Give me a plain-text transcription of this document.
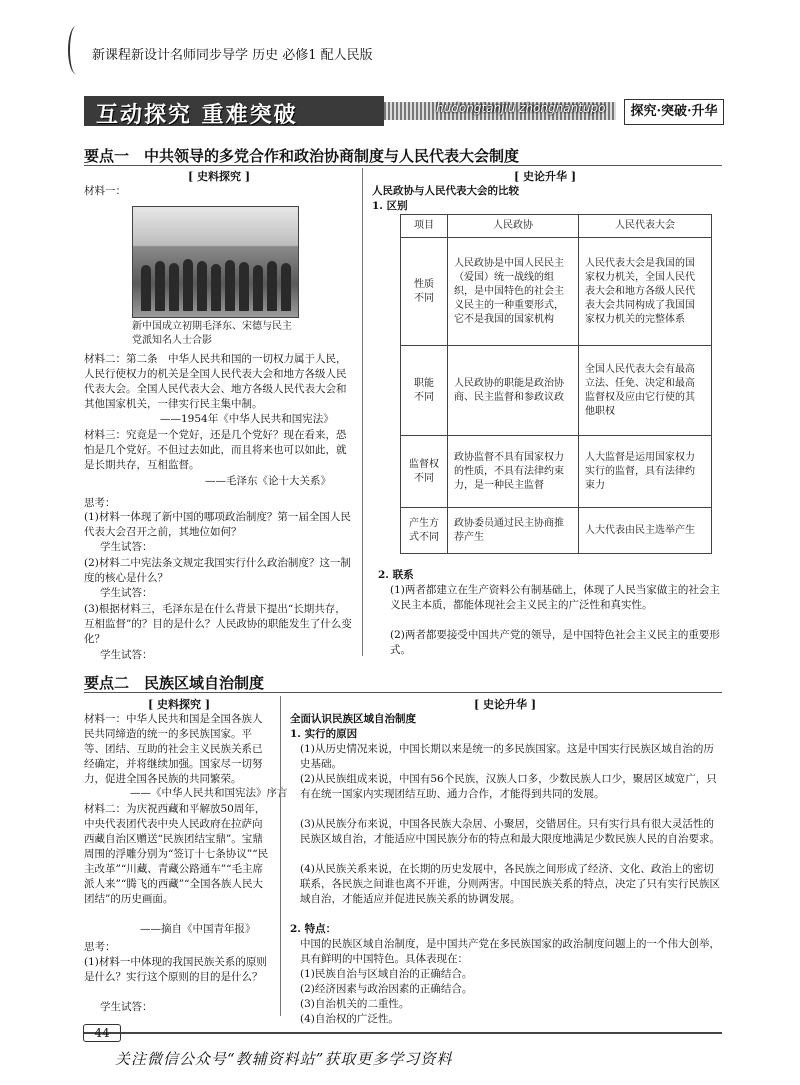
新课程新设计名师同步导学 历史 必修1 配人民版
互动探究 重难突破	hudongtanjiu zhongnantupo	探究·突破·升华
要点一　中共领导的多党合作和政治协商制度与人民代表大会制度
[ 史料探究 ]
材料一：
新中国成立初期毛泽东、宋德与民主党派知名人士合影
材料二：第二条　中华人民共和国的一切权力属于人民，人民行使权力的机关是全国人民代表大会和地方各级人民代表大会。全国人民代表大会、地方各级人民代表大会和其他国家机关，一律实行民主集中制。
——1954年《中华人民共和国宪法》
材料三：究竟是一个党好，还是几个党好？现在看来，恐怕是几个党好。不但过去如此，而且将来也可以如此，就是长期共存，互相监督。
——毛泽东《论十大关系》
思考：
(1)材料一体现了新中国的哪项政治制度？第一届全国人民代表大会召开之前，其地位如何？
学生试答：
(2)材料二中宪法条文规定我国实行什么政治制度？这一制度的核心是什么？
学生试答：
(3)根据材料三，毛泽东是在什么背景下提出“长期共存，互相监督”的？目的是什么？人民政协的职能发生了什么变化？
学生试答：
[ 史论升华 ]
人民政协与人民代表大会的比较
1. 区别
项目	人民政协	人民代表大会
性质
不同	人民政协是中国人民民主（爱国）统一战线的组织，是中国特色的社会主义民主的一种重要形式，它不是我国的国家机构	人民代表大会是我国的国家权力机关，全国人民代表大会和地方各级人民代表大会共同构成了我国国家权力机关的完整体系
职能
不同	人民政协的职能是政治协商、民主监督和参政议政	全国人民代表大会有最高立法、任免、决定和最高监督权及应由它行使的其他职权
监督权
不同	政协监督不具有国家权力的性质，不具有法律约束力，是一种民主监督	人大监督是运用国家权力实行的监督，具有法律约束力
产生方
式不同	政协委员通过民主协商推荐产生	人大代表由民主选举产生
2. 联系
(1)两者都建立在生产资料公有制基础上，体现了人民当家做主的社会主义民主本质，都能体现社会主义民主的广泛性和真实性。
(2)两者都要接受中国共产党的领导，是中国特色社会主义民主的重要形式。
要点二　民族区域自治制度
[ 史料探究 ]
材料一：中华人民共和国是全国各族人民共同缔造的统一的多民族国家。平等、团结、互助的社会主义民族关系已经确定，并将继续加强。国家尽一切努力，促进全国各民族的共同繁荣。
——《中华人民共和国宪法》序言
材料二：为庆祝西藏和平解放50周年，中央代表团代表中央人民政府在拉萨向西藏自治区赠送“民族团结宝鼎”。宝鼎周围的浮雕分别为“签订十七条协议”“民主改革”“川藏、青藏公路通车”“毛主席派人来”“腾飞的西藏”“全国各族人民大团结”的历史画面。
——摘自《中国青年报》
思考：
(1)材料一中体现的我国民族关系的原则是什么？实行这个原则的目的是什么？
学生试答：
[ 史论升华 ]
全面认识民族区域自治制度
1. 实行的原因
(1)从历史情况来说，中国长期以来是统一的多民族国家。这是中国实行民族区域自治的历史基础。
(2)从民族组成来说，中国有56个民族，汉族人口多，少数民族人口少，聚居区域宽广，只有在统一国家内实现团结互助、通力合作，才能得到共同的发展。
(3)从民族分布来说，中国各民族大杂居、小聚居，交错居住。只有实行具有很大灵活性的民族区域自治，才能适应中国民族分布的特点和最大限度地满足少数民族人民的自治要求。
(4)从民族关系来说，在长期的历史发展中，各民族之间形成了经济、文化、政治上的密切联系，各民族之间谁也离不开谁，分则两害。中国民族关系的特点，决定了只有实行民族区域自治，才能适应并促进民族关系的协调发展。
2. 特点：
中国的民族区域自治制度，是中国共产党在多民族国家的政治制度问题上的一个伟大创举，具有鲜明的中国特色。具体表现在：
(1)民族自治与区域自治的正确结合。
(2)经济因素与政治因素的正确结合。
(3)自治机关的二重性。
(4)自治权的广泛性。
44
关注微信公众号“教辅资料站”获取更多学习资料
